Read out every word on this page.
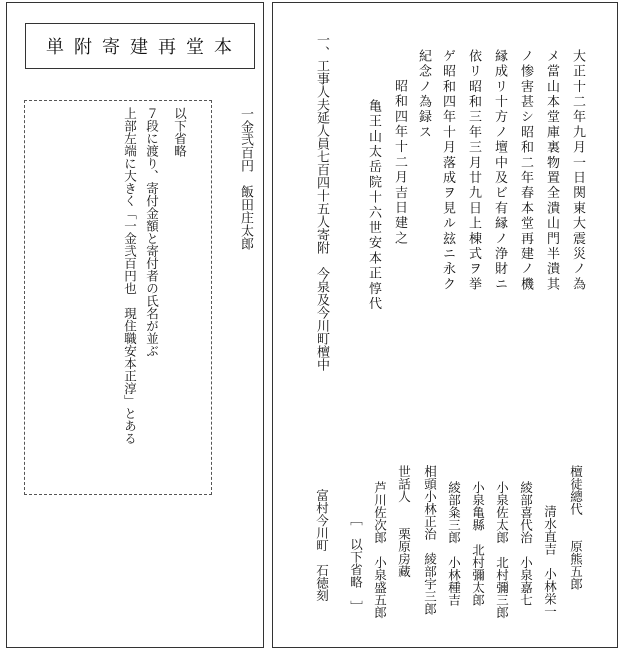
単附寄建再堂本
一金弐百円　飯田庄太郎
以下省略
７段に渡り、寄付金額と寄付者の氏名が並ぶ
上部左端に大きく「一金弐百円也　現住職安本正淳」とある	大正十二年九月一日関東大震災ノ為
メ當山本堂庫裏物置全潰山門半潰其
ノ惨害甚シ昭和二年春本堂再建ノ機
縁成リ十方ノ壇中及ビ有縁ノ浄財ニ
依リ昭和三年三月廿九日上棟式ヲ挙
ゲ昭和四年十月落成ヲ見ル玆ニ永ク
紀念ノ為録ス
昭和四年十二月吉日建之
亀王山太岳院十六世安本正惇代
一、工事人夫延人員七百四十五人寄附　今泉及今川町檀中
檀徒總代　　原熊五郎
清水直吉　小林栄一
綾部喜代治　小泉嘉七
小泉佐太郎　北村彌三郎
小泉亀縣　北村彌太郎
綾部粂三郎　小林種吉
相頭小林正治　綾部宇三郎
世話人　　栗原房藏
芦川佐次郎　小泉盛五郎
［　以下省略　］
富村今川町　石徳刻
